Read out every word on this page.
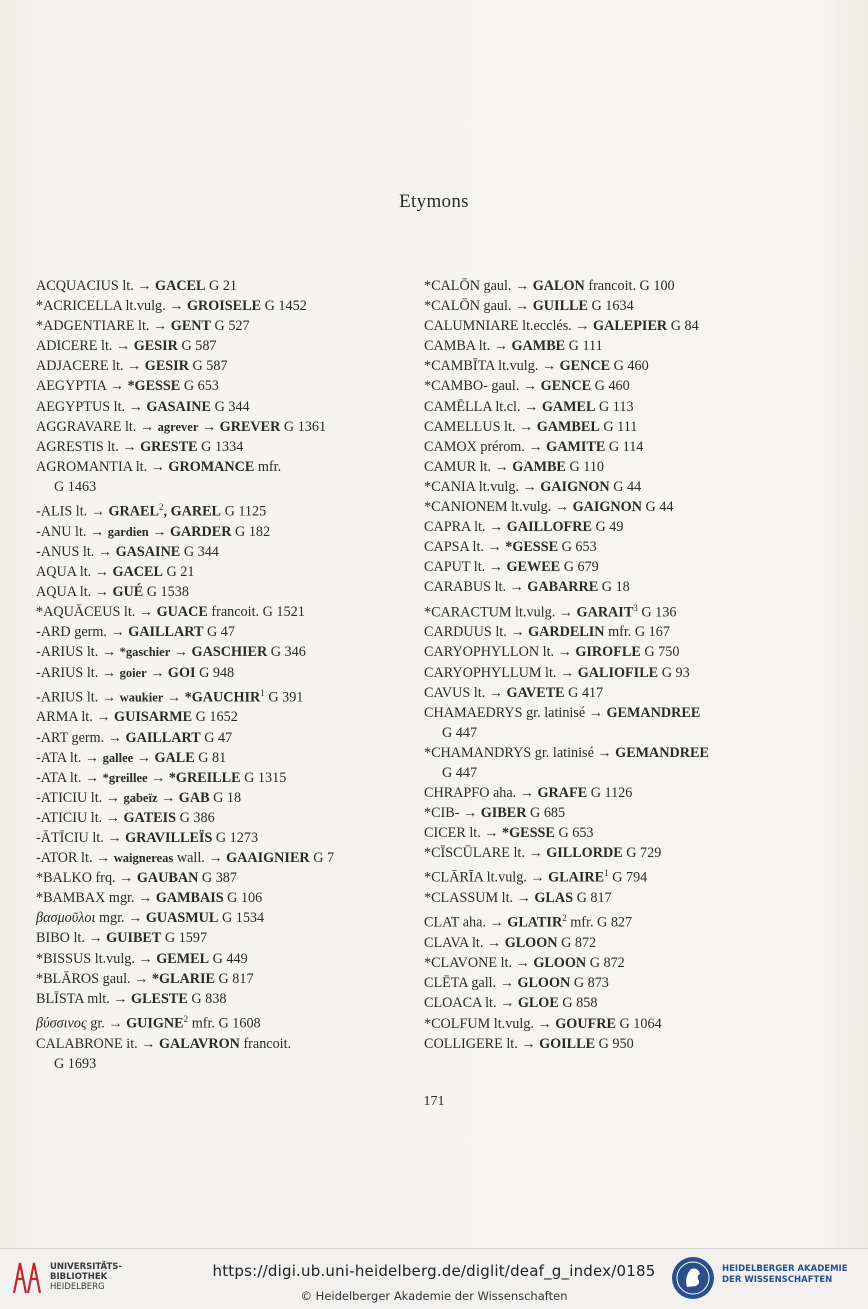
Etymons
ACQUACIUS lt. → GACEL G 21
*ACRICELLA lt.vulg. → GROISELE G 1452
*ADGENTIARE lt. → GENT G 527
ADICERE lt. → GESIR G 587
ADJACERE lt. → GESIR G 587
AEGYPTIA → *GESSE G 653
AEGYPTUS lt. → GASAINE G 344
AGGRAVARE lt. → agrever → GREVER G 1361
AGRESTIS lt. → GRESTE G 1334
AGROMANTIA lt. → GROMANCE mfr.
G 1463
-ALIS lt. → $GRAEL^2$, GAREL G 1125
-ANU lt. → gardien → GARDER G 182
-ANUS lt. → GASAINE G 344
AQUA lt. → GACEL G 21
AQUA lt. → GUÉ G 1538
*AQUĀCEUS lt. → GUACE francoit. G 1521
-ARD germ. → GAILLART G 47
-ARIUS lt. → *gaschier → GASCHIER G 346
-ARIUS lt. → goier → GOI G 948
-ARIUS lt. → waukier → $*GAUCHIR^1$ G 391
ARMA lt. → GUISARME G 1652
-ART germ. → GAILLART G 47
-ATA lt. → gallee → GALE G 81
-ATA lt. → *greillee → *GREILLE G 1315
-ATICIU lt. → gabeïz → GAB G 18
-ATICIU lt. → GATEIS G 386
-ĀTĪCIU lt. → GRAVILLEÏS G 1273
-ATOR lt. → waignereas wall. → GAAIGNIER G 7
*BALKO frq. → GAUBAN G 387
*BAMBAX mgr. → GAMBAIS G 106
βασμοῦλοι mgr. → GUASMUL G 1534
BIBO lt. → GUIBET G 1597
*BISSUS lt.vulg. → GEMEL G 449
*BLĀROS gaul. → *GLARIE G 817
BLĪSTA mlt. → GLESTE G 838
βύσσινος gr. → $GUIGNE^2$ mfr. G 1608
CALABRONE it. → GALAVRON francoit.
G 1693
*CALŌN gaul. → GALON francoit. G 100
*CALŌN gaul. → GUILLE G 1634
CALUMNIARE lt.ecclés. → GALEPIER G 84
CAMBA lt. → GAMBE G 111
*CAMBĪTA lt.vulg. → GENCE G 460
*CAMBO- gaul. → GENCE G 460
CAMĒLLA lt.cl. → GAMEL G 113
CAMELLUS lt. → GAMBEL G 111
CAMOX prérom. → GAMITE G 114
CAMUR lt. → GAMBE G 110
*CANIA lt.vulg. → GAIGNON G 44
*CANIONEM lt.vulg. → GAIGNON G 44
CAPRA lt. → GAILLOFRE G 49
CAPSA lt. → *GESSE G 653
CAPUT lt. → GEWEE G 679
CARABUS lt. → GABARRE G 18
*CARACTUM lt.vulg. → $GARAIT^3$ G 136
CARDUUS lt. → GARDELIN mfr. G 167
CARYOPHYLLON lt. → GIROFLE G 750
CARYOPHYLLUM lt. → GALIOFILE G 93
CAVUS lt. → GAVETE G 417
CHAMAEDRYS gr. latinisé → GEMANDREE
G 447
*CHAMANDRYS gr. latinisé → GEMANDREE
G 447
CHRAPFO aha. → GRAFE G 1126
*CIB- → GIBER G 685
CICER lt. → *GESSE G 653
*CĪSCŪLARE lt. → GILLORDE G 729
*CLĀRĪA lt.vulg. → $GLAIRE^1$ G 794
*CLASSUM lt. → GLAS G 817
CLAT aha. → $GLATIR^2$ mfr. G 827
CLAVA lt. → GLOON G 872
*CLAVONE lt. → GLOON G 872
CLĒTA gall. → GLOON G 873
CLOACA lt. → GLOE G 858
*COLFUM lt.vulg. → GOUFRE G 1064
COLLIGERE lt. → GOILLE G 950
171
UNIVERSITÄTS-
BIBLIOTHEK
HEIDELBERG
https://digi.ub.uni-heidelberg.de/diglit/deaf_g_index/0185
© Heidelberger Akademie der Wissenschaften
HEIDELBERGER AKADEMIE
DER WISSENSCHAFTEN
